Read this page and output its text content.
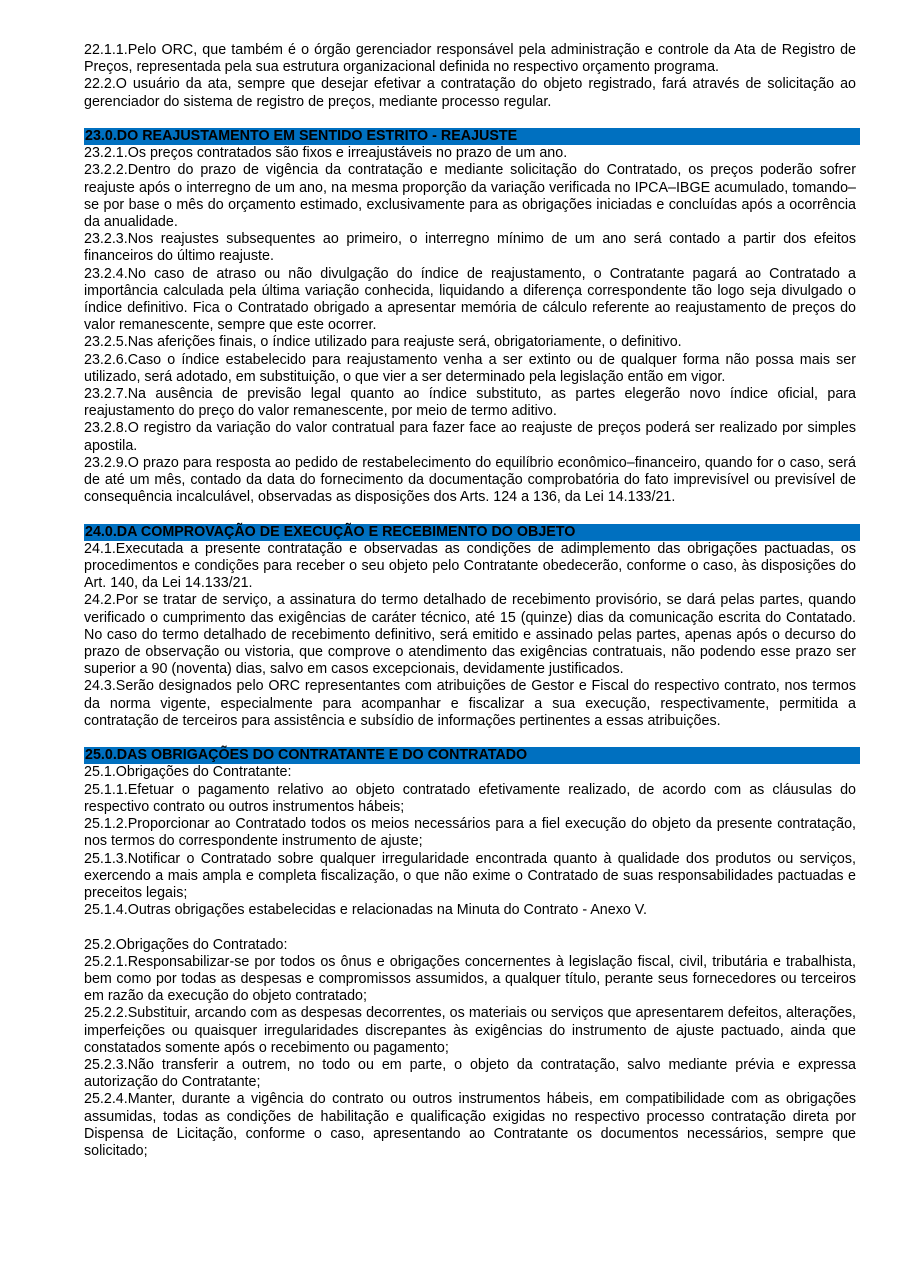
22.1.1.Pelo ORC, que também é o órgão gerenciador responsável pela administração e controle da Ata de Registro de Preços, representada pela sua estrutura organizacional definida no respectivo orçamento programa.

22.2.O usuário da ata, sempre que desejar efetivar a contratação do objeto registrado, fará através de solicitação ao gerenciador do sistema de registro de preços, mediante processo regular.

23.0.DO REAJUSTAMENTO EM SENTIDO ESTRITO - REAJUSTE

23.2.1.Os preços contratados são fixos e irreajustáveis no prazo de um ano.

23.2.2.Dentro do prazo de vigência da contratação e mediante solicitação do Contratado, os preços poderão sofrer reajuste após o interregno de um ano, na mesma proporção da variação verificada no IPCA–IBGE acumulado, tomando–se por base o mês do orçamento estimado, exclusivamente para as obrigações iniciadas e concluídas após a ocorrência da anualidade.

23.2.3.Nos reajustes subsequentes ao primeiro, o interregno mínimo de um ano será contado a partir dos efeitos financeiros do último reajuste.

23.2.4.No caso de atraso ou não divulgação do índice de reajustamento, o Contratante pagará ao Contratado a importância calculada pela última variação conhecida, liquidando a diferença correspondente tão logo seja divulgado o índice definitivo. Fica o Contratado obrigado a apresentar memória de cálculo referente ao reajustamento de preços do valor remanescente, sempre que este ocorrer.

23.2.5.Nas aferições finais, o índice utilizado para reajuste será, obrigatoriamente, o definitivo.

23.2.6.Caso o índice estabelecido para reajustamento venha a ser extinto ou de qualquer forma não possa mais ser utilizado, será adotado, em substituição, o que vier a ser determinado pela legislação então em vigor.

23.2.7.Na ausência de previsão legal quanto ao índice substituto, as partes elegerão novo índice oficial, para reajustamento do preço do valor remanescente, por meio de termo aditivo.

23.2.8.O registro da variação do valor contratual para fazer face ao reajuste de preços poderá ser realizado por simples apostila.

23.2.9.O prazo para resposta ao pedido de restabelecimento do equilíbrio econômico–financeiro, quando for o caso, será de até um mês, contado da data do fornecimento da documentação comprobatória do fato imprevisível ou previsível de consequência incalculável, observadas as disposições dos Arts. 124 a 136, da Lei 14.133/21.

24.0.DA COMPROVAÇÃO DE EXECUÇÃO E RECEBIMENTO DO OBJETO

24.1.Executada a presente contratação e observadas as condições de adimplemento das obrigações pactuadas, os procedimentos e condições para receber o seu objeto pelo Contratante obedecerão, conforme o caso, às disposições do Art. 140, da Lei 14.133/21.

24.2.Por se tratar de serviço, a assinatura do termo detalhado de recebimento provisório, se dará pelas partes, quando verificado o cumprimento das exigências de caráter técnico, até 15 (quinze) dias da comunicação escrita do Contatado. No caso do termo detalhado de recebimento definitivo, será emitido e assinado pelas partes, apenas após o decurso do prazo de observação ou vistoria, que comprove o atendimento das exigências contratuais, não podendo esse prazo ser superior a 90 (noventa) dias, salvo em casos excepcionais, devidamente justificados.

24.3.Serão designados pelo ORC representantes com atribuições de Gestor e Fiscal do respectivo contrato, nos termos da norma vigente, especialmente para acompanhar e fiscalizar a sua execução, respectivamente, permitida a contratação de terceiros para assistência e subsídio de informações pertinentes a essas atribuições.

25.0.DAS OBRIGAÇÕES DO CONTRATANTE E DO CONTRATADO

25.1.Obrigações do Contratante:

25.1.1.Efetuar o pagamento relativo ao objeto contratado efetivamente realizado, de acordo com as cláusulas do respectivo contrato ou outros instrumentos hábeis;

25.1.2.Proporcionar ao Contratado todos os meios necessários para a fiel execução do objeto da presente contratação, nos termos do correspondente instrumento de ajuste;

25.1.3.Notificar o Contratado sobre qualquer irregularidade encontrada quanto à qualidade dos produtos ou serviços, exercendo a mais ampla e completa fiscalização, o que não exime o Contratado de suas responsabilidades pactuadas e preceitos legais;

25.1.4.Outras obrigações estabelecidas e relacionadas na Minuta do Contrato - Anexo V.

25.2.Obrigações do Contratado:

25.2.1.Responsabilizar-se por todos os ônus e obrigações concernentes à legislação fiscal, civil, tributária e trabalhista, bem como por todas as despesas e compromissos assumidos, a qualquer título, perante seus fornecedores ou terceiros em razão da execução do objeto contratado;

25.2.2.Substituir, arcando com as despesas decorrentes, os materiais ou serviços que apresentarem defeitos, alterações, imperfeições ou quaisquer irregularidades discrepantes às exigências do instrumento de ajuste pactuado, ainda que constatados somente após o recebimento ou pagamento;

25.2.3.Não transferir a outrem, no todo ou em parte, o objeto da contratação, salvo mediante prévia e expressa autorização do Contratante;

25.2.4.Manter, durante a vigência do contrato ou outros instrumentos hábeis, em compatibilidade com as obrigações assumidas, todas as condições de habilitação e qualificação exigidas no respectivo processo contratação direta por Dispensa de Licitação, conforme o caso, apresentando ao Contratante os documentos necessários, sempre que solicitado;
